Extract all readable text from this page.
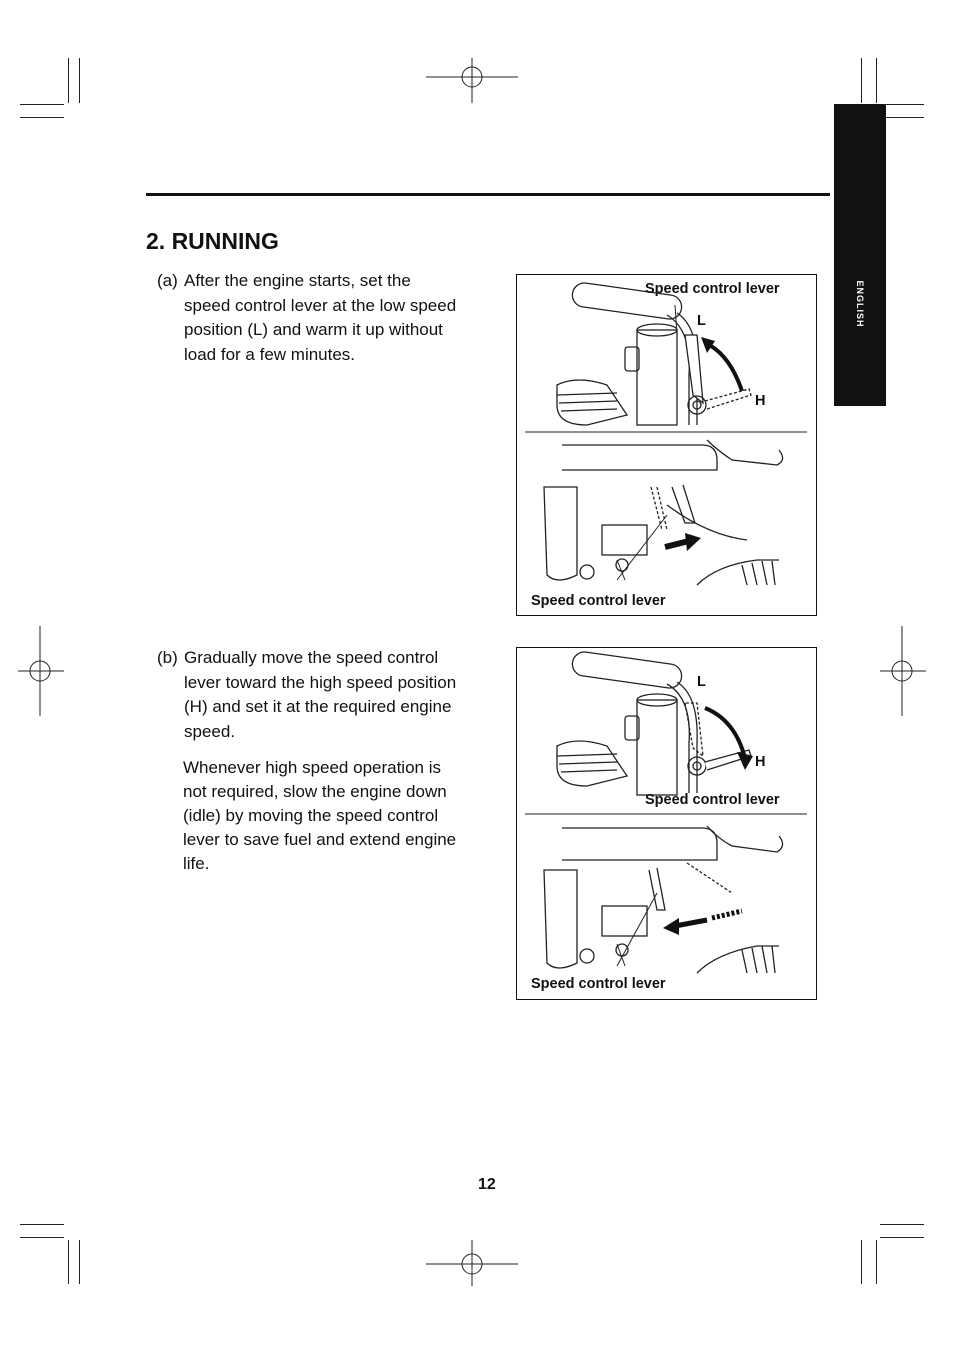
ENGLISH
2. RUNNING
(a) After the engine starts, set the
speed control lever at the low speed
position (L) and warm it up without
load for a few minutes.
(b) Gradually move the speed control
lever toward the high speed position
(H) and set it at the required engine
speed.
Whenever high speed operation is
not required, slow the engine down
(idle) by moving the speed control
lever to save fuel and extend engine
life.
Speed control lever
L
H
Speed control lever
L
H
Speed control lever
Speed control lever
12
